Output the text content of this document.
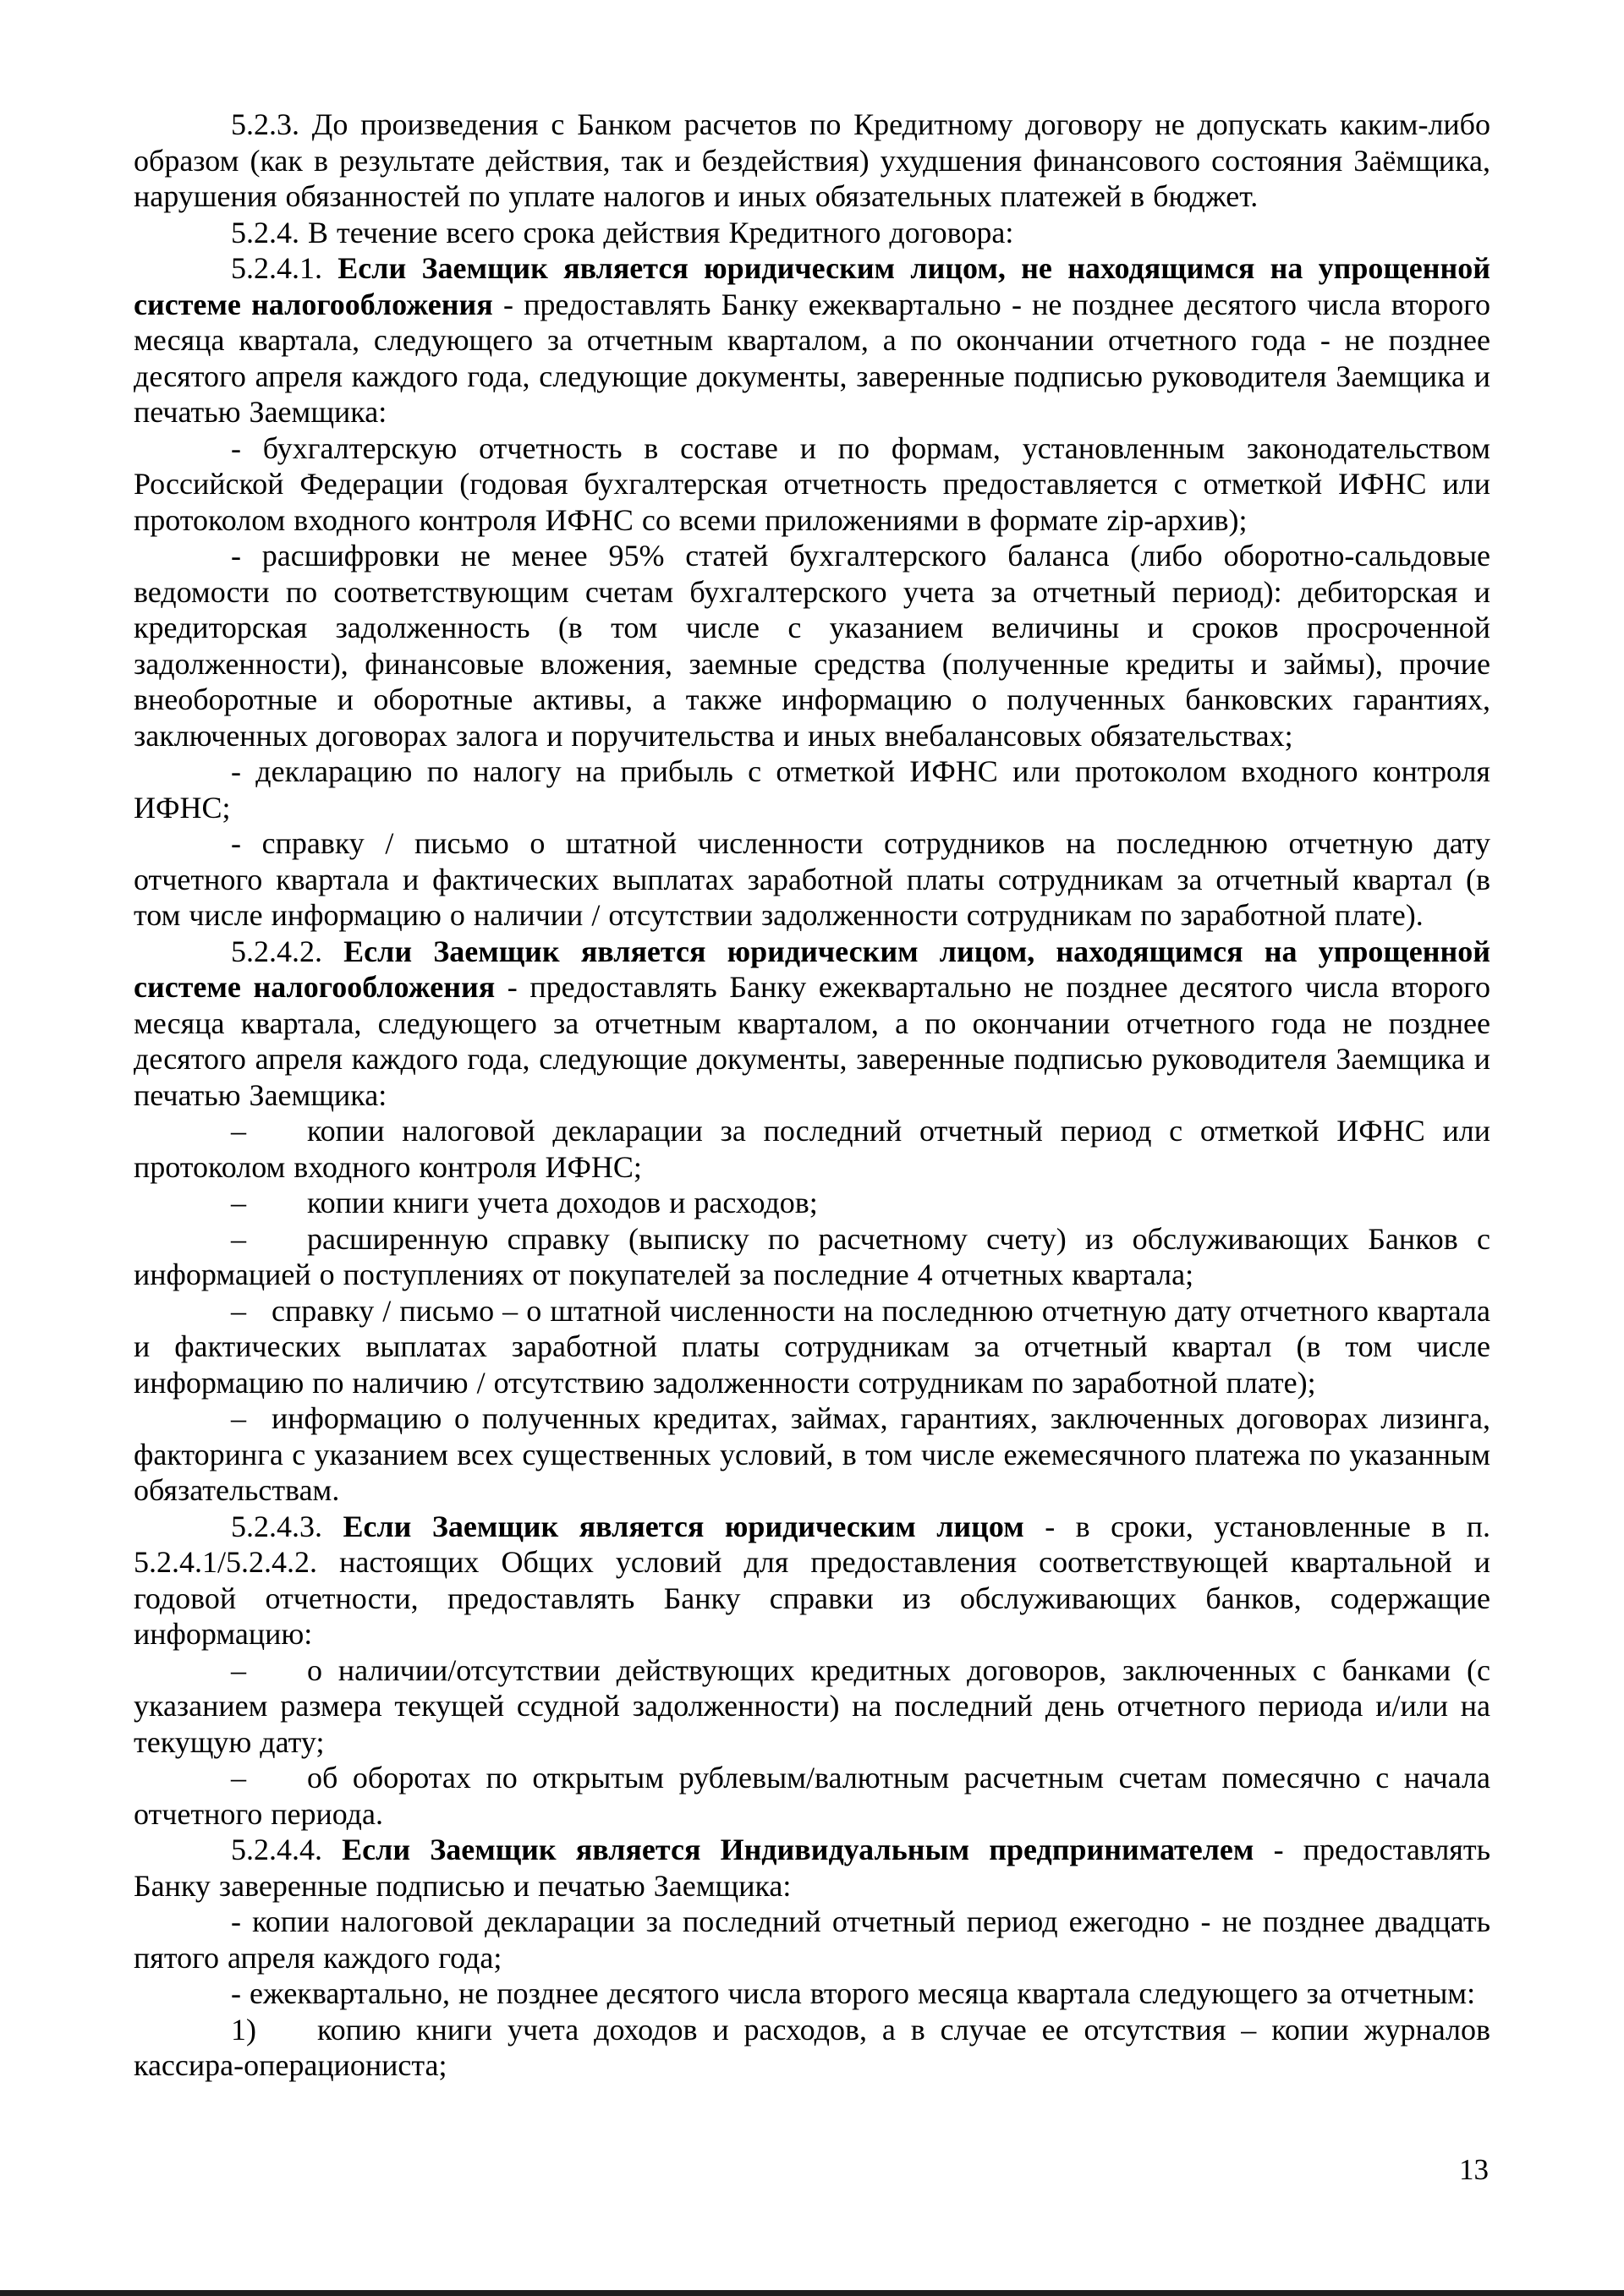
5.2.3. До произведения с Банком расчетов по Кредитному договору не допускать каким-либо образом (как в результате действия, так и бездействия) ухудшения финансового состояния Заёмщика, нарушения обязанностей по уплате налогов и иных обязательных платежей в бюджет.

5.2.4. В течение всего срока действия Кредитного договора:

5.2.4.1. Если Заемщик является юридическим лицом, не находящимся на упрощенной системе налогообложения - предоставлять Банку ежеквартально - не позднее десятого числа второго месяца квартала, следующего за отчетным кварталом, а по окончании отчетного года - не позднее десятого апреля каждого года, следующие документы, заверенные подписью руководителя Заемщика и печатью Заемщика:

- бухгалтерскую отчетность в составе и по формам, установленным законодательством Российской Федерации (годовая бухгалтерская отчетность предоставляется с отметкой ИФНС или протоколом входного контроля ИФНС со всеми приложениями в формате zip-архив);

- расшифровки не менее 95% статей бухгалтерского баланса (либо оборотно-сальдовые ведомости по соответствующим счетам бухгалтерского учета за отчетный период): дебиторская и кредиторская задолженность (в том числе с указанием величины и сроков просроченной задолженности), финансовые вложения, заемные средства (полученные кредиты и займы), прочие внеоборотные и оборотные активы, а также информацию о полученных банковских гарантиях, заключенных договорах залога и поручительства и иных внебалансовых обязательствах;

- декларацию по налогу на прибыль с отметкой ИФНС или протоколом входного контроля ИФНС;

- справку / письмо о штатной численности сотрудников на последнюю отчетную дату отчетного квартала и фактических выплатах заработной платы сотрудникам за отчетный квартал (в том числе информацию о наличии / отсутствии задолженности сотрудникам по заработной плате).

5.2.4.2. Если Заемщик является юридическим лицом, находящимся на упрощенной системе налогообложения - предоставлять Банку ежеквартально не позднее десятого числа второго месяца квартала, следующего за отчетным кварталом, а по окончании отчетного года не позднее десятого апреля каждого года, следующие документы, заверенные подписью руководителя Заемщика и печатью Заемщика:

– копии налоговой декларации за последний отчетный период с отметкой ИФНС или протоколом входного контроля ИФНС;

– копии книги учета доходов и расходов;

– расширенную справку (выписку по расчетному счету) из обслуживающих Банков с информацией о поступлениях от покупателей за последние 4 отчетных квартала;

– справку / письмо – о штатной численности на последнюю отчетную дату отчетного квартала и фактических выплатах заработной платы сотрудникам за отчетный квартал (в том числе информацию по наличию / отсутствию задолженности сотрудникам по заработной плате);

– информацию о полученных кредитах, займах, гарантиях, заключенных договорах лизинга, факторинга с указанием всех существенных условий, в том числе ежемесячного платежа по указанным обязательствам.

5.2.4.3. Если Заемщик является юридическим лицом - в сроки, установленные в п. 5.2.4.1/5.2.4.2. настоящих Общих условий для предоставления соответствующей квартальной и годовой отчетности, предоставлять Банку справки из обслуживающих банков, содержащие информацию:

– о наличии/отсутствии действующих кредитных договоров, заключенных с банками (с указанием размера текущей ссудной задолженности) на последний день отчетного периода и/или на текущую дату;

– об оборотах по открытым рублевым/валютным расчетным счетам помесячно с начала отчетного периода.

5.2.4.4. Если Заемщик является Индивидуальным предпринимателем - предоставлять Банку заверенные подписью и печатью Заемщика:

- копии налоговой декларации за последний отчетный период ежегодно - не позднее двадцать пятого апреля каждого года;

- ежеквартально, не позднее десятого числа второго месяца квартала следующего за отчетным:

1) копию книги учета доходов и расходов, а в случае ее отсутствия – копии журналов кассира-операциониста;

13
